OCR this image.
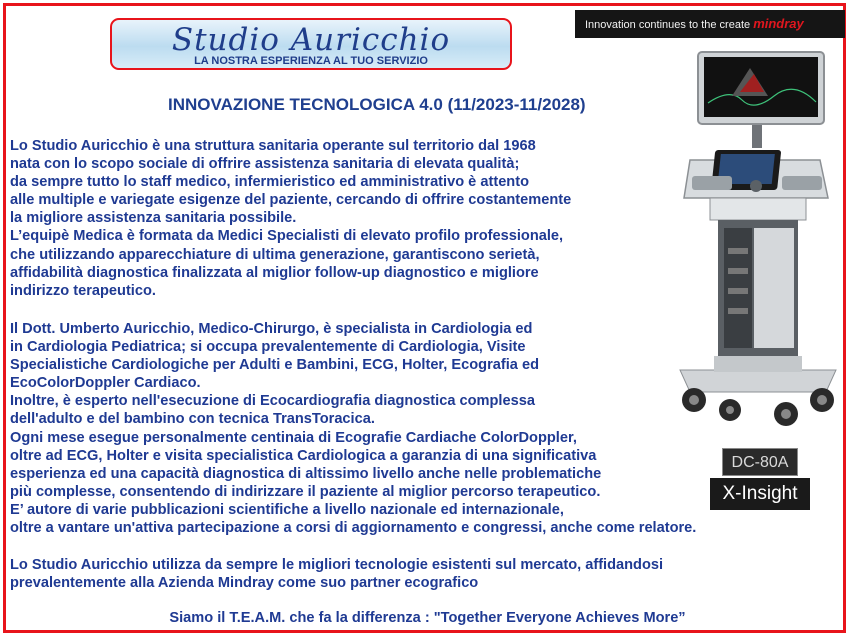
Studio Auricchio
LA NOSTRA ESPERIENZA AL TUO SERVIZIO
Innovation continues to the create mindray
INNOVAZIONE TECNOLOGICA 4.0 (11/2023-11/2028)
Lo Studio Auricchio è una struttura sanitaria operante sul territorio dal 1968
nata con lo scopo sociale di offrire assistenza sanitaria di elevata qualità;
da sempre tutto lo staff medico, infermieristico ed amministrativo è attento
alle multiple e variegate esigenze del paziente, cercando di offrire costantemente
la migliore assistenza sanitaria possibile.
L’equipè Medica è formata da Medici Specialisti di elevato profilo professionale,
che utilizzando apparecchiature di ultima generazione, garantiscono serietà,
affidabilità diagnostica finalizzata al miglior follow-up diagnostico e migliore
indirizzo terapeutico.
Il Dott. Umberto Auricchio, Medico-Chirurgo, è specialista in Cardiologia ed
in Cardiologia Pediatrica; si occupa prevalentemente di Cardiologia, Visite
Specialistiche Cardiologiche per Adulti e Bambini, ECG, Holter, Ecografia ed
EcoColorDoppler Cardiaco.
Inoltre, è esperto nell'esecuzione di Ecocardiografia diagnostica complessa
dell'adulto e del bambino con tecnica TransToracica.
Ogni mese esegue personalmente centinaia di Ecografie Cardiache ColorDoppler,
oltre ad ECG, Holter e visita specialistica Cardiologica a garanzia di una significativa
esperienza ed una capacità diagnostica di altissimo livello anche nelle problematiche
più complesse, consentendo di indirizzare il paziente al miglior percorso terapeutico.
E’ autore di varie pubblicazioni scientifiche a livello nazionale ed internazionale,
oltre a vantare un'attiva partecipazione a corsi di aggiornamento e congressi, anche come relatore.
Lo Studio Auricchio utilizza da sempre le migliori tecnologie esistenti sul mercato, affidandosi
prevalentemente alla Azienda Mindray come suo partner ecografico
Siamo il T.E.A.M. che fa la differenza : "Together Everyone Achieves More”
DC-80A
X-Insight
